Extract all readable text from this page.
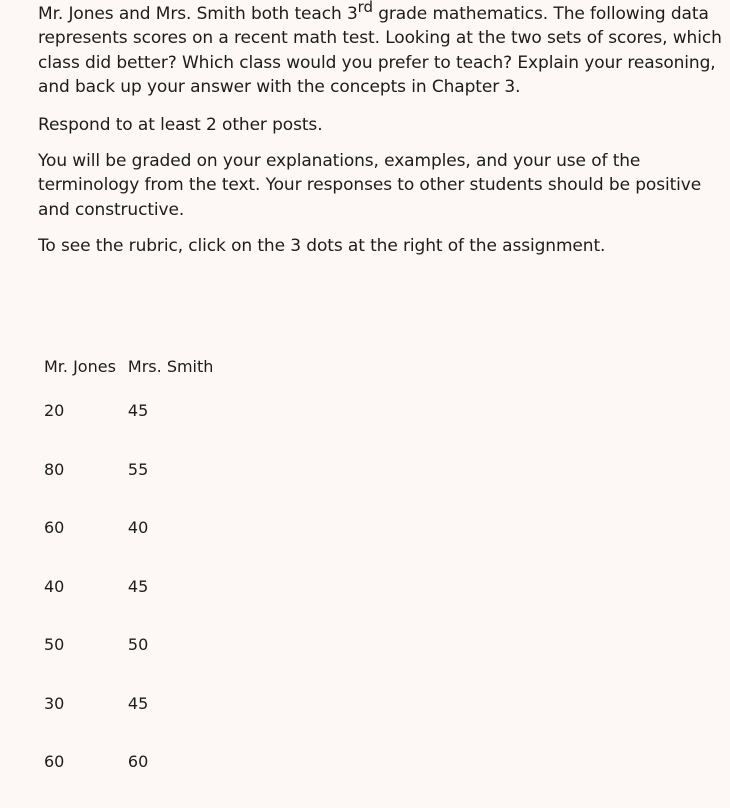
Mr. Jones and Mrs. Smith both teach 3rd grade mathematics. The following data represents scores on a recent math test. Looking at the two sets of scores, which class did better? Which class would you prefer to teach? Explain your reasoning, and back up your answer with the concepts in Chapter 3.

Respond to at least 2 other posts.

You will be graded on your explanations, examples, and your use of the terminology from the text. Your responses to other students should be positive and constructive.

To see the rubric, click on the 3 dots at the right of the assignment.

Mr. Jones	Mrs. Smith
20	45
80	55
60	40
40	45
50	50
30	45
60	60
